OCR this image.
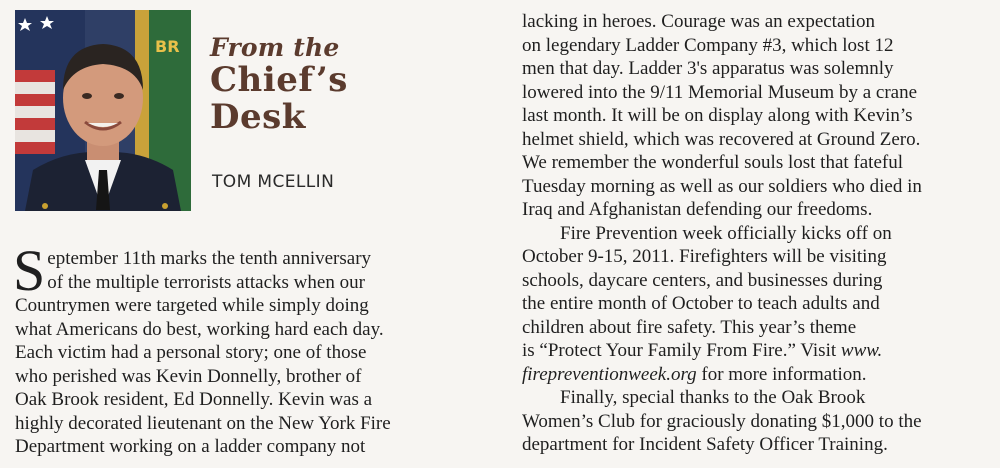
BR From the
Chief’s
Desk
TOM MCELLIN

S eptember 11th marks the tenth anniversary
of the multiple terrorists attacks when our
Countrymen were targeted while simply doing
what Americans do best, working hard each day.
Each victim had a personal story; one of those
who perished was Kevin Donnelly, brother of
Oak Brook resident, Ed Donnelly. Kevin was a
highly decorated lieutenant on the New York Fire
Department working on a ladder company not

lacking in heroes. Courage was an expectation
on legendary Ladder Company #3, which lost 12
men that day. Ladder 3's apparatus was solemnly
lowered into the 9/11 Memorial Museum by a crane
last month. It will be on display along with Kevin’s
helmet shield, which was recovered at Ground Zero.
We remember the wonderful souls lost that fateful
Tuesday morning as well as our soldiers who died in
Iraq and Afghanistan defending our freedoms.

Fire Prevention week officially kicks off on
October 9-15, 2011. Firefighters will be visiting
schools, daycare centers, and businesses during
the entire month of October to teach adults and
children about fire safety. This year’s theme
is “Protect Your Family From Fire.” Visit www.
firepreventionweek.org for more information.

Finally, special thanks to the Oak Brook
Women’s Club for graciously donating $1,000 to the
department for Incident Safety Officer Training.
